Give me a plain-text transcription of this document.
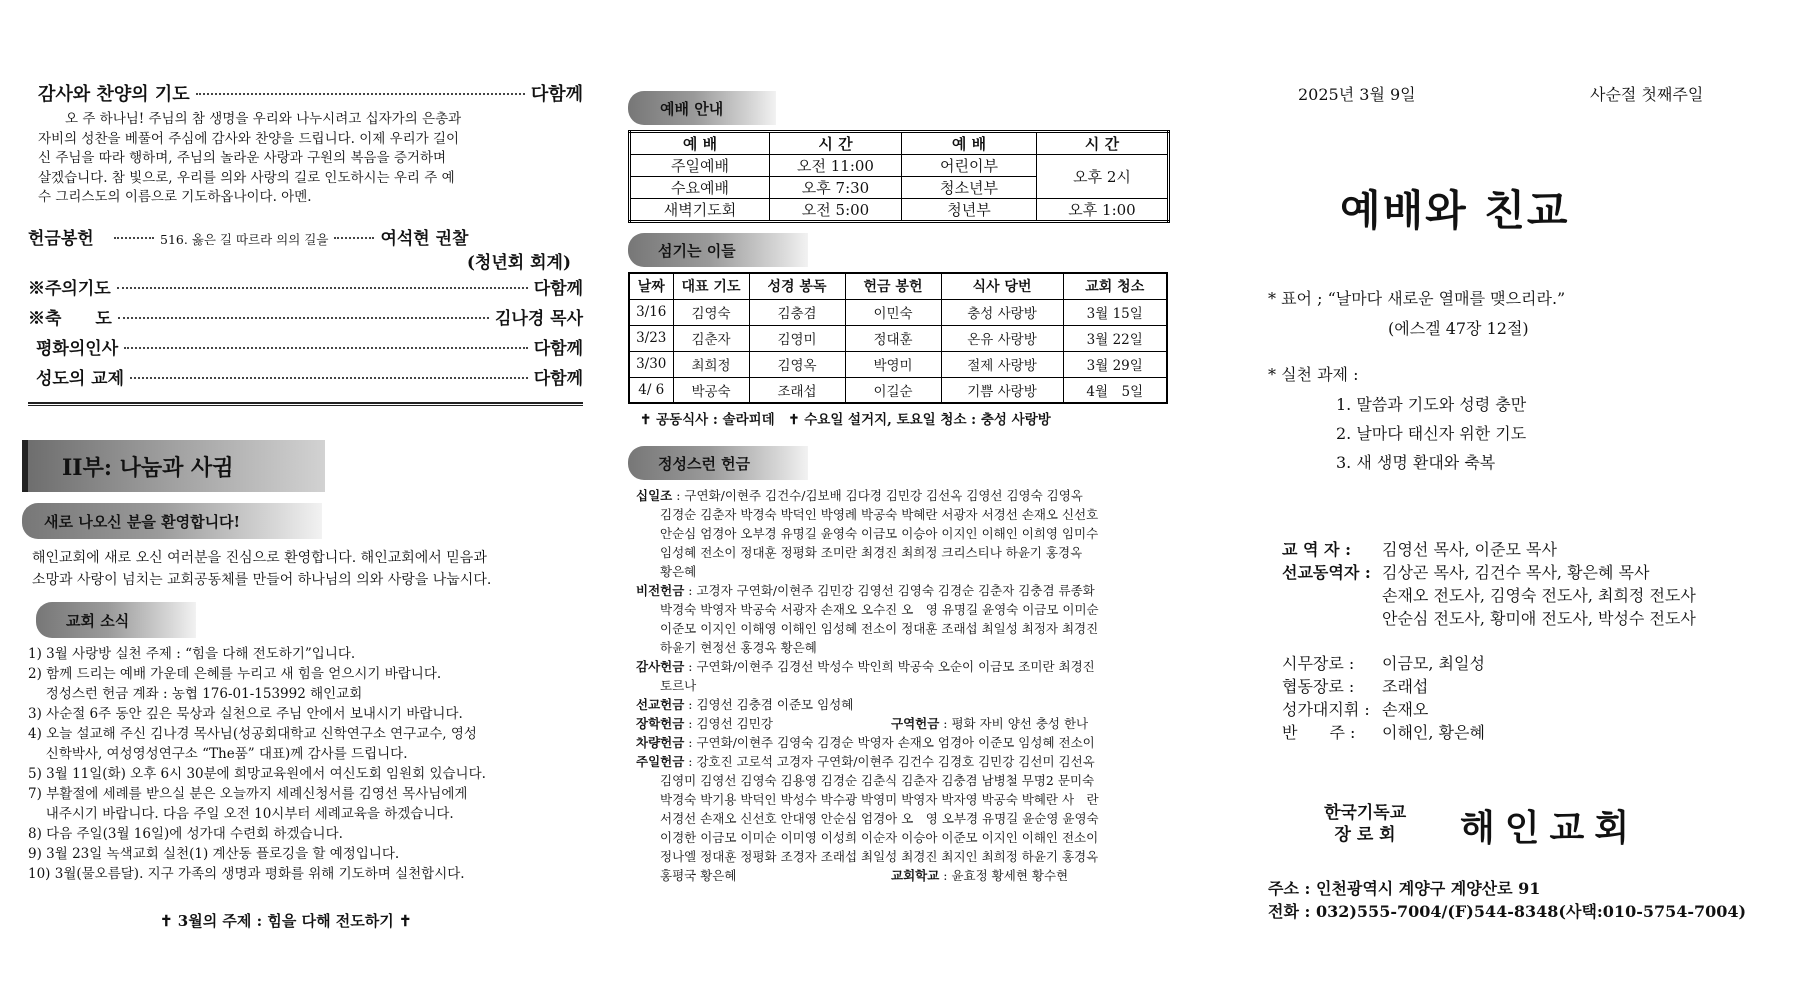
감사와 찬양의 기도	다함께
오 주 하나님! 주님의 참 생명을 우리와 나누시려고 십자가의 은총과
자비의 성찬을 베풀어 주심에 감사와 찬양을 드립니다. 이제 우리가 길이
신 주님을 따라 행하며, 주님의 놀라운 사랑과 구원의 복음을 증거하며
살겠습니다. 참 빛으로, 우리를 의와 사랑의 길로 인도하시는 우리 주 예
수 그리스도의 이름으로 기도하옵나이다. 아멘.
헌금봉헌	516. 옳은 길 따르라 의의 길을	여석현 권찰
(청년회 회계)
※주의기도	다함께
※축　　도	김나경 목사
평화의인사	다함께
성도의 교제	다함께
II부: 나눔과 사귐
새로 나오신 분을 환영합니다!
해인교회에 새로 오신 여러분을 진심으로 환영합니다. 해인교회에서 믿음과
소망과 사랑이 넘치는 교회공동체를 만들어 하나님의 의와 사랑을 나눕시다.
교회 소식
1) 3월 사랑방 실천 주제 : “힘을 다해 전도하기”입니다.
2) 함께 드리는 예배 가운데 은혜를 누리고 새 힘을 얻으시기 바랍니다.
　 정성스런 헌금 계좌 : 농협 176-01-153992 해인교회
3) 사순절 6주 동안 깊은 묵상과 실천으로 주님 안에서 보내시기 바랍니다.
4) 오늘 설교해 주신 김나경 목사님(성공회대학교 신학연구소 연구교수, 영성
　 신학박사, 여성영성연구소 “The품” 대표)께 감사를 드립니다.
5) 3월 11일(화) 오후 6시 30분에 희망교육원에서 여신도회 임원회 있습니다.
7) 부활절에 세례를 받으실 분은 오늘까지 세례신청서를 김영선 목사님에게
　 내주시기 바랍니다. 다음 주일 오전 10시부터 세례교육을 하겠습니다.
8) 다음 주일(3월 16일)에 성가대 수련회 하겠습니다.
9) 3월 23일 녹색교회 실천(1) 계산동 플로깅을 할 예정입니다.
10) 3월(물오름달). 지구 가족의 생명과 평화를 위해 기도하며 실천합시다.
✝ 3월의 주제 : 힘을 다해 전도하기 ✝
예배 안내
예 배	시 간	예 배	시 간
주일예배	오전 11:00	어린이부	오후 2시
수요예배	오후 7:30	청소년부	
새벽기도회	오전 5:00	청년부	오후 1:00
섬기는 이들
날짜	대표 기도	성경 봉독	헌금 봉헌	식사 당번	교회 청소
3/16	김영숙	김충겸	이민숙	충성 사랑방	3월 15일
3/23	김춘자	김영미	정대훈	온유 사랑방	3월 22일
3/30	최희정	김영옥	박영미	절제 사랑방	3월 29일
4/ 6	박공숙	조래섭	이길순	기쁨 사랑방	4월　5일
✝ 공동식사 : 솔라피데　✝ 수요일 설거지, 토요일 청소 : 충성 사랑방
정성스런 헌금
십일조 : 구연화/이현주 김건수/김보배 김다경 김민강 김선옥 김영선 김영숙 김영옥
김경순 김춘자 박경숙 박덕인 박영례 박공숙 박혜란 서광자 서경선 손재오 신선호
안순심 엄경아 오부경 유명길 윤영숙 이금모 이승아 이지인 이해인 이희영 임미수
임성혜 전소이 정대훈 정평화 조미란 최경진 최희정 크리스티나 하윤기 홍경옥
황은혜
비전헌금 : 고경자 구연화/이현주 김민강 김영선 김영숙 김경순 김춘자 김충겸 류종화
박경숙 박영자 박공숙 서광자 손재오 오수진 오　영 유명길 윤영숙 이금모 이미순
이준모 이지인 이해영 이해인 임성혜 전소이 정대훈 조래섭 최일성 최정자 최경진
하윤기 현정선 홍경옥 황은혜
감사헌금 : 구연화/이현주 김경선 박성수 박인희 박공숙 오순이 이금모 조미란 최경진
토르나
선교헌금 : 김영선 김충겸 이준모 임성혜
장학헌금 : 김영선 김민강	구역헌금 : 평화 자비 양선 충성 한나
차량헌금 : 구연화/이현주 김영숙 김경순 박영자 손재오 엄경아 이준모 임성혜 전소이
주일헌금 : 강호진 고로석 고경자 구연화/이현주 김건수 김경호 김민강 김선미 김선옥
김영미 김영선 김영숙 김용영 김경순 김춘식 김춘자 김충겸 남병철 무명2 문미숙
박경숙 박기용 박덕인 박성수 박수광 박영미 박영자 박자영 박공숙 박혜란 사　란
서경선 손재오 신선호 안대영 안순심 엄경아 오　영 오부경 유명길 윤순영 윤영숙
이경한 이금모 이미순 이미영 이성희 이순자 이승아 이준모 이지인 이해인 전소이
정나엘 정대훈 정평화 조경자 조래섭 최일성 최경진 최지인 최희정 하윤기 홍경옥
홍평국 황은혜	교회학교 : 윤효정 황세현 황수현
2025년 3월 9일	사순절 첫째주일
예배와 친교
* 표어 ; “날마다 새로운 열매를 맺으리라.”
(에스겔 47장 12절)
* 실천 과제 :
1. 말씀과 기도와 성령 충만
2. 날마다 태신자 위한 기도
3. 새 생명 환대와 축복
교 역 자 :	김영선 목사, 이준모 목사
선교동역자 : 김상곤 목사, 김건수 목사, 황은혜 목사
손재오 전도사, 김영숙 전도사, 최희정 전도사
안순심 전도사, 황미애 전도사, 박성수 전도사
시무장로 :	이금모, 최일성
협동장로 :	조래섭
성가대지휘 : 손재오
반　　주 :	이해인, 황은혜
한국기독교
장 로 회 해인교회
주소 : 인천광역시 계양구 계양산로 91
전화 : 032)555-7004/(F)544-8348(사택:010-5754-7004)
